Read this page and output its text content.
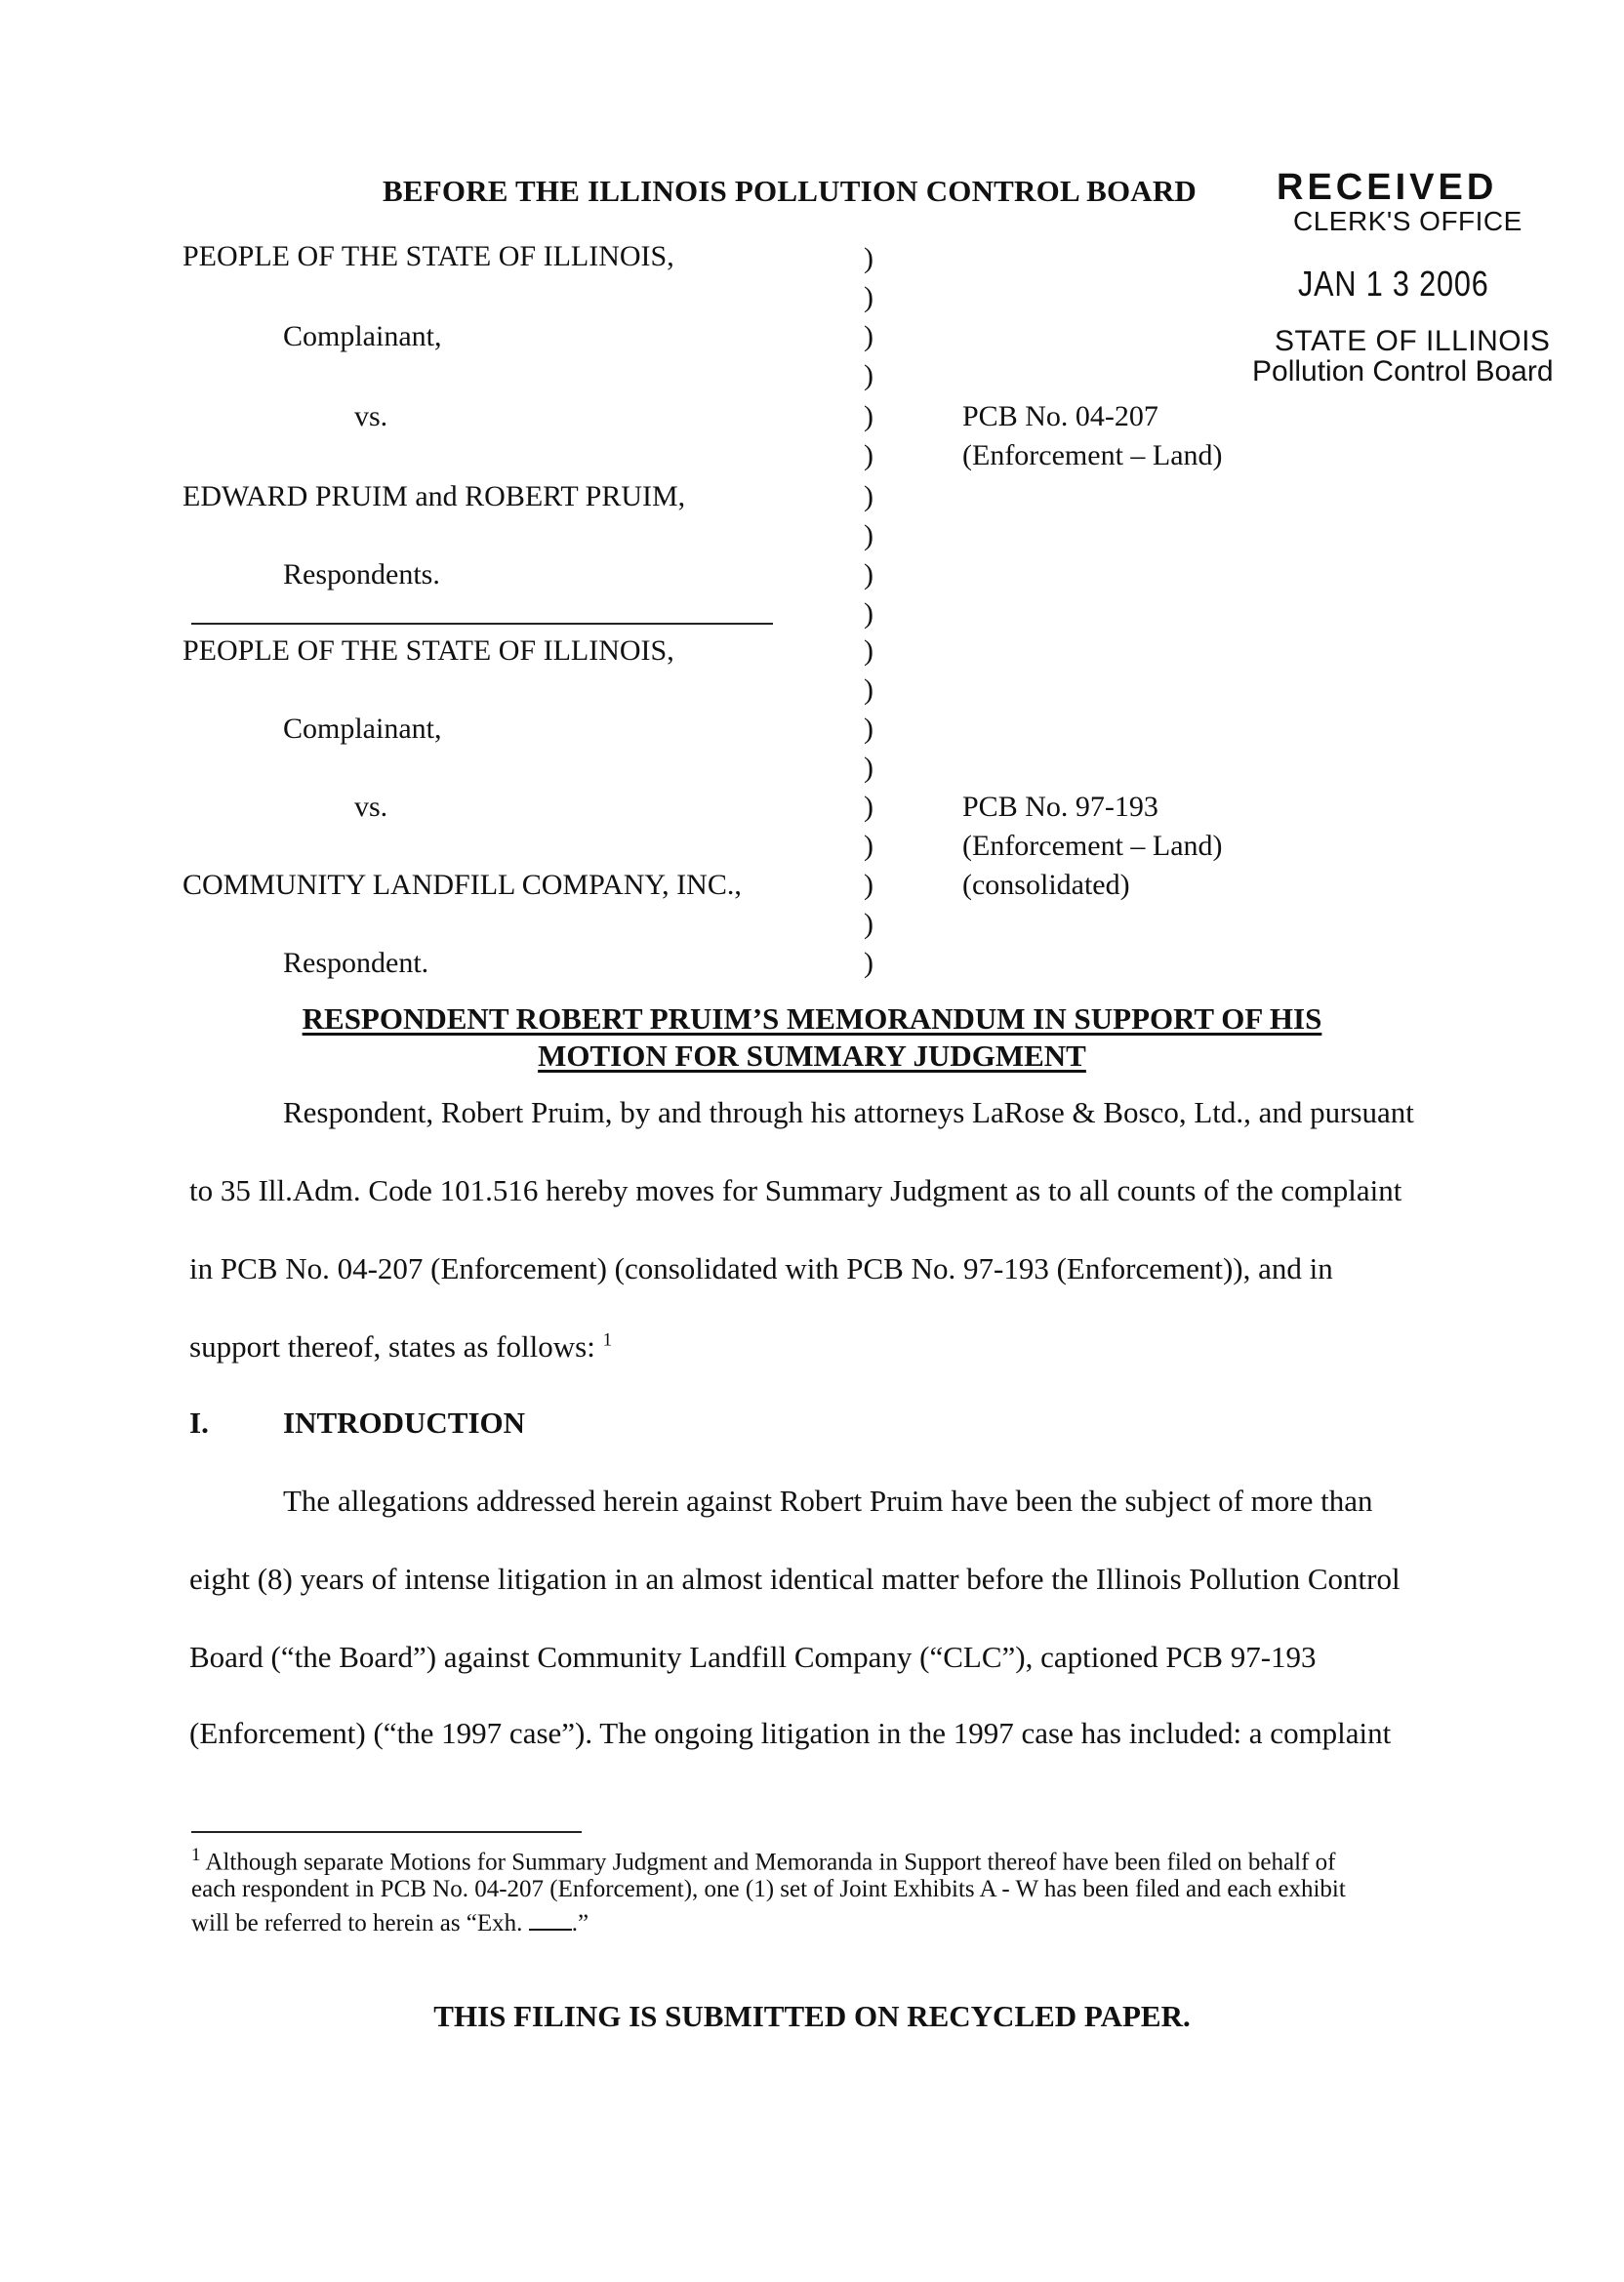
BEFORE THE ILLINOIS POLLUTION CONTROL BOARD RECEIVED
CLERK'S OFFICE
JAN 1 3 2006
STATE OF ILLINOIS
Pollution Control Board
PEOPLE OF THE STATE OF ILLINOIS,
Complainant,
vs.
EDWARD PRUIM and ROBERT PRUIM,
Respondents.
PCB No. 04-207
(Enforcement – Land)
PEOPLE OF THE STATE OF ILLINOIS,
Complainant,
vs.
COMMUNITY LANDFILL COMPANY, INC.,
Respondent.
PCB No. 97-193
(Enforcement – Land)
(consolidated)
)
)
)
)
)
)
)
)
)
)
)
)
)
)
)
)
)
)
)
RESPONDENT ROBERT PRUIM’S MEMORANDUM IN SUPPORT OF HIS
MOTION FOR SUMMARY JUDGMENT
Respondent, Robert Pruim, by and through his attorneys LaRose & Bosco, Ltd., and pursuant
to 35 Ill.Adm. Code 101.516 hereby moves for Summary Judgment as to all counts of the complaint
in PCB No. 04-207 (Enforcement) (consolidated with PCB No. 97-193 (Enforcement)), and in
support thereof, states as follows: $^1$
I. INTRODUCTION
The allegations addressed herein against Robert Pruim have been the subject of more than
eight (8) years of intense litigation in an almost identical matter before the Illinois Pollution Control
Board (“the Board”) against Community Landfill Company (“CLC”), captioned PCB 97-193
(Enforcement) (“the 1997 case”). The ongoing litigation in the 1997 case has included: a complaint
$^1$ Although separate Motions for Summary Judgment and Memoranda in Support thereof have been filed on behalf of
each respondent in PCB No. 04-207 (Enforcement), one (1) set of Joint Exhibits A - W has been filed and each exhibit
will be referred to herein as “Exh. .”
THIS FILING IS SUBMITTED ON RECYCLED PAPER.
